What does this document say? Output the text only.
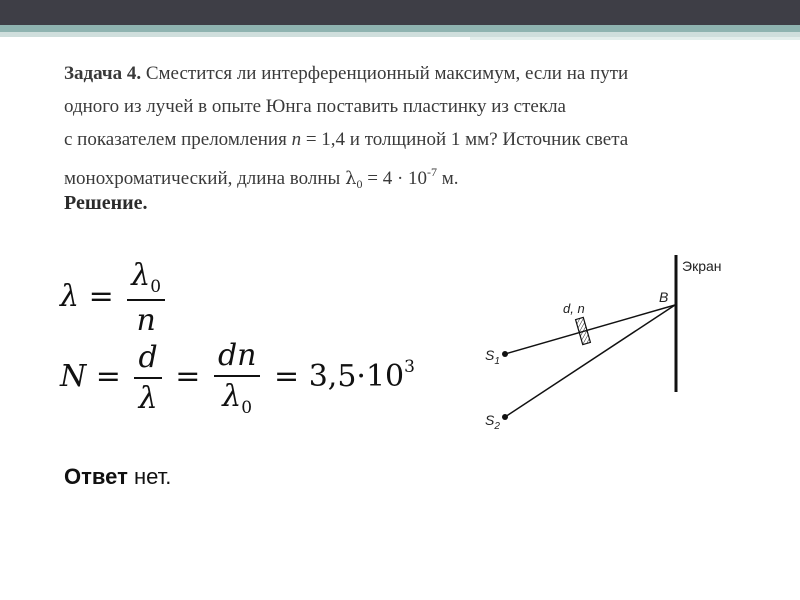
Задача 4. Сместится ли интерференционный максимум, если на пути
одного из лучей в опыте Юнга поставить пластинку из стекла
с показателем преломления n = 1,4 и толщиной 1 мм? Источник света
монохроматический, длина волны $\lambda_0 = 4 \cdot 10^{-7}$ м.
Решение.
$\lambda = \frac{\lambda_0}{n}$
$N = \frac{d}{\lambda} = \frac{dn}{\lambda_0} = 3,5\cdot 10^3$
Ответ нет.
Экран
B
d, n
$S_1$
$S_2$
